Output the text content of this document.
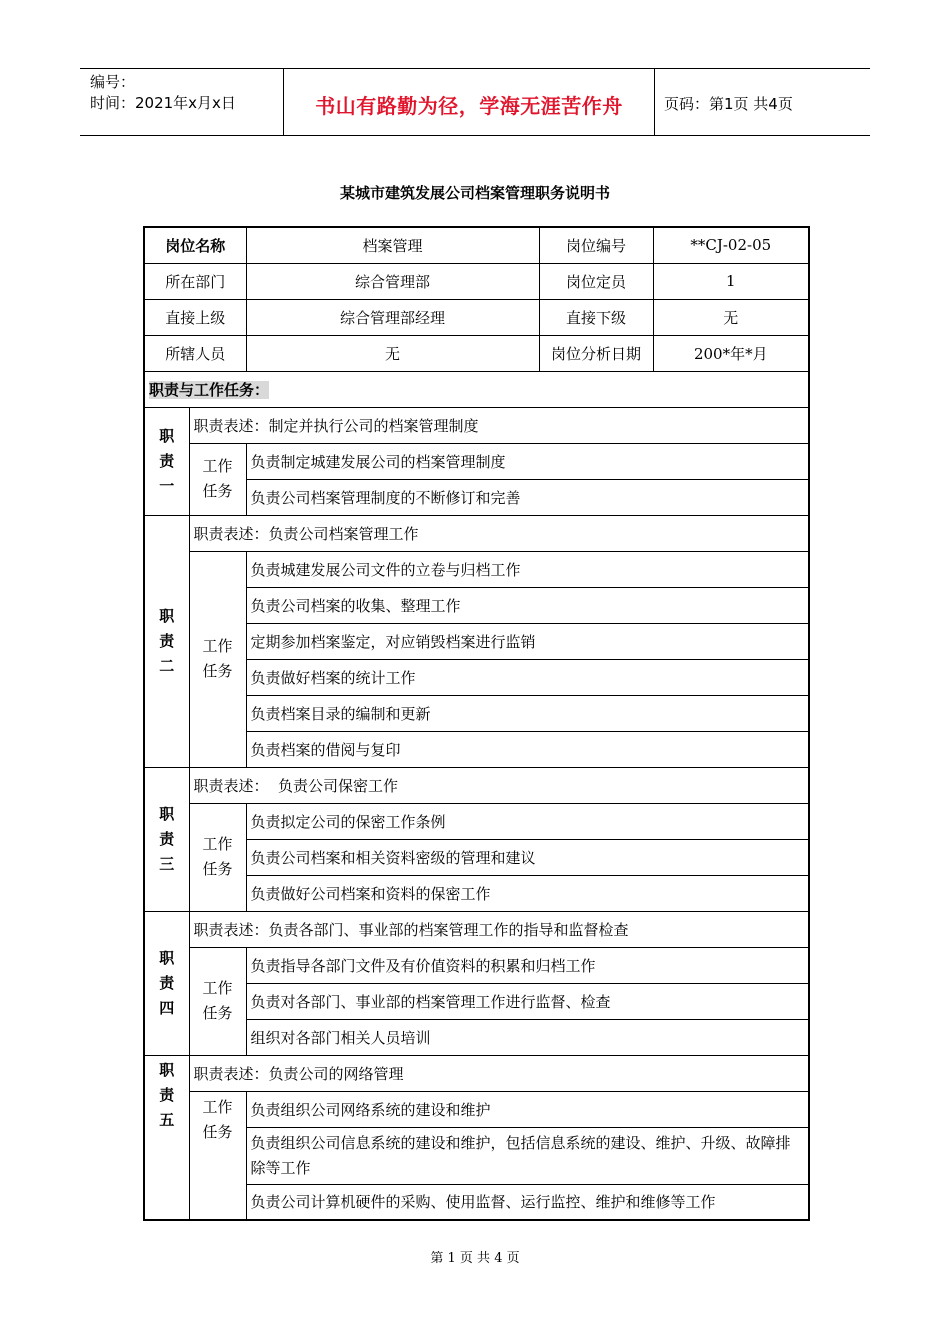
编号：
时间：2021年x月x日	书山有路勤为径，学海无涯苦作舟	页码：第1页 共4页
某城市建筑发展公司档案管理职务说明书
岗位名称		档案管理	岗位编号	**CJ-02-05
所在部门		综合管理部	岗位定员	1
直接上级		综合管理部经理	直接下级	无
所辖人员		无	岗位分析日期	200*年*月
职责与工作任务：				
职
责
一	职责表述：制定并执行公司的档案管理制度			
	工作
任务	负责制定城建发展公司的档案管理制度		
		负责公司档案管理制度的不断修订和完善		
职
责
二	职责表述：负责公司档案管理工作			
	工作
任务	负责城建发展公司文件的立卷与归档工作		
		负责公司档案的收集、整理工作		
		定期参加档案鉴定，对应销毁档案进行监销		
		负责做好档案的统计工作		
		负责档案目录的编制和更新		
		负责档案的借阅与复印		
职
责
三	职责表述：  负责公司保密工作			
	工作
任务	负责拟定公司的保密工作条例		
		负责公司档案和相关资料密级的管理和建议		
		负责做好公司档案和资料的保密工作		
职
责
四	职责表述：负责各部门、事业部的档案管理工作的指导和监督检查			
	工作
任务	负责指导各部门文件及有价值资料的积累和归档工作		
		负责对各部门、事业部的档案管理工作进行监督、检查		
		组织对各部门相关人员培训		
职
责
五	职责表述：负责公司的网络管理			
	工作
任务	负责组织公司网络系统的建设和维护		
		负责组织公司信息系统的建设和维护，包括信息系统的建设、维护、升级、故障排除等工作		
		负责公司计算机硬件的采购、使用监督、运行监控、维护和维修等工作		
第 1 页 共 4 页
